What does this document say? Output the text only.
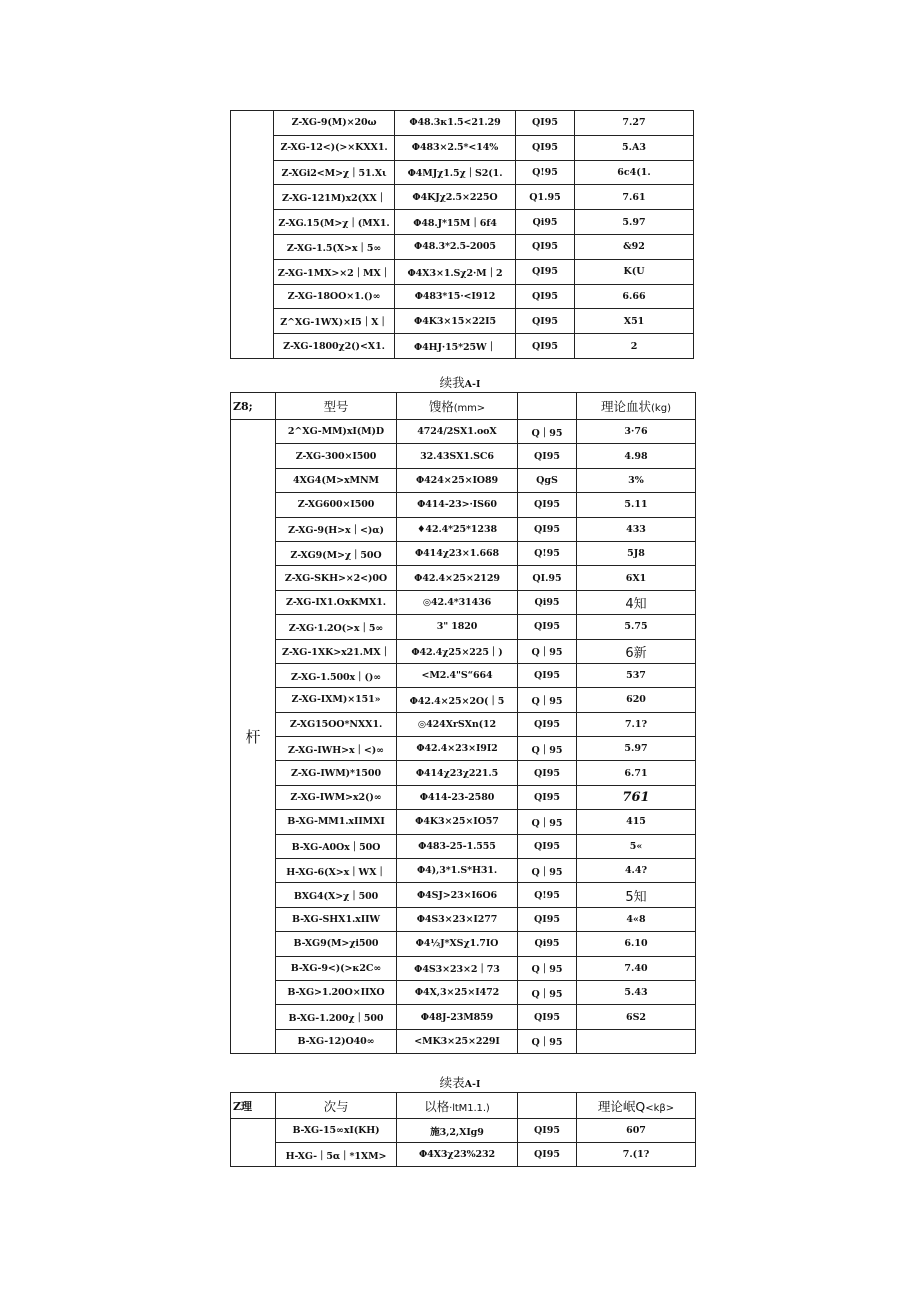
	Z-XG-9(M)×20ω	Φ48.3κ1.5<21.29	QI95	7.27
	Z-XG-12<)(>×KXX1.	Φ483×2.5*<14%	QI95	5.A3
	Z-XGi2<M>χ｜51.Xι	Φ4MJχ1.5χ｜S2(1.	Q!95	6c4(1.
	Z-XG-121M)x2(XX｜	Φ4KJχ2.5×225O	Q1.95	7.61
	Z-XG.15(M>χ｜(MX1.	Φ48.J*15M｜6f4	Qi95	5.97
	Z-XG-1.5(X>x｜5∞	Φ48.3*2.5-2005	QI95	&92
	Z-XG-1MX>×2｜MX｜	Φ4X3×1.Sχ2·M｜2	QI95	K(U
	Z-XG-18OO×1.()∞	Φ483*15·<I912	QI95	6.66
	Z^XG-1WX)×I5｜X｜	Φ4K3×15×22I5	QI95	X51
	Z-XG-1800χ2()<X1.	Φ4HJ·15*25W｜	QI95	2
续我A-I
Z8;	型号	馊格(mm>		理论血状(kg)
杆	2^XG-MM)xI(M)D	4724/2SX1.ooX	Q｜95	3·76
	Z-XG-300×I500	32.43SX1.SC6	QI95	4.98
	4XG4(M>xMNM	Φ424×25×IO89	QgS	3%
	Z-XG600×I500	Φ414-23>·IS60	QI95	5.11
	Z-XG-9(H>x｜<)α)	♦42.4*25*1238	QI95	433
	Z-XG9(M>χ｜50O	Φ414χ23×1.668	Q!95	5J8
	Z-XG-SKH>×2<)0O	Φ42.4×25×2129	QI.95	6X1
	Z-XG-IX1.OxKMX1.	◎42.4*31436	Qi95	4知
	Z-XG·1.2O(>x｜5∞	3" 1820	QI95	5.75
	Z-XG-1XK>x21.MX｜	Φ42.4χ25×225｜)	Q｜95	6新
	Z-XG-1.500x｜()∞	<M2.4"S“664	QI95	537
	Z-XG-IXM)×151»	Φ42.4×25×2O(｜5	Q｜95	620
	Z-XG15OO*NXX1.	◎424XrSXn(12	QI95	7.1?
	Z-XG-IWH>x｜<)∞	Φ42.4×23×I9I2	Q｜95	5.97
	Z-XG-IWM)*1500	Φ414χ23χ221.5	QI95	6.71
	Z-XG-IWM>x2()∞	Φ414-23-2580	QI95	761
	B-XG-MM1.xIIMXI	Φ4K3×25×IO57	Q｜95	415
	B-XG-A0Ox｜50O	Φ483-25-1.555	QI95	5«
	H-XG-6(X>x｜WX｜	Φ4),3*1.S*H31.	Q｜95	4.4?
	BXG4(X>χ｜500	Φ4SJ>23×I6O6	Q!95	5知
	B-XG-SHX1.xIIW	Φ4S3×23×I277	QI95	4«8
	B-XG9(M>χi500	Φ4½J*XSχ1.7IO	Qi95	6.10
	B-XG-9<)(>κ2C∞	Φ4S3×23×2｜73	Q｜95	7.40
	B-XG>1.20O×IIXO	Φ4X,3×25×I472	Q｜95	5.43
	B-XG-1.200χ｜500	Φ48J-23M859	QI95	6S2
	B-XG-12)O40∞	<MK3×25×229I	Q｜95	
续表A-I
Z理	次与	以格·ltM1.1.)		理论岷Q<kβ>
	B-XG-15∞xI(KH)	施3,2,XIg9	QI95	607
	H-XG-｜5α｜*1XM>	Φ4X3χ23%232	QI95	7.(1?
